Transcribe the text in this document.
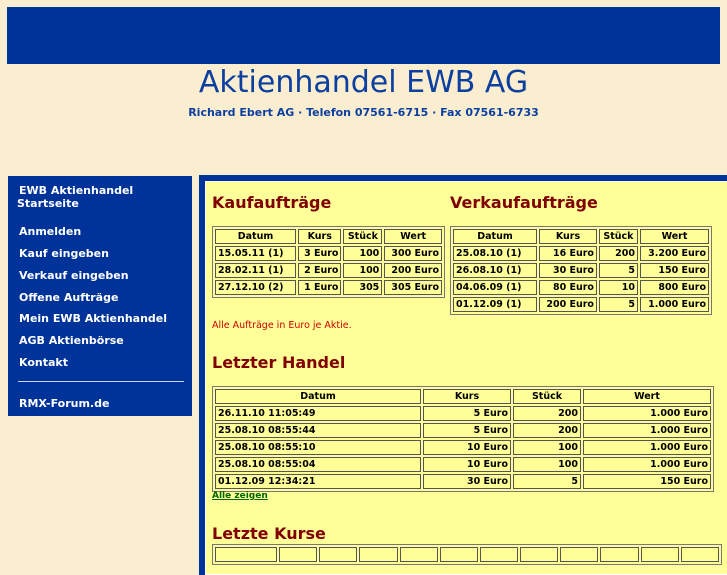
Aktienhandel EWB AG
Richard Ebert AG · Telefon 07561-6715 · Fax 07561-6733
EWB Aktienhandel
Startseite
Anmelden
Kauf eingeben
Verkauf eingeben
Offene Aufträge
Mein EWB Aktienhandel
AGB Aktienbörse
Kontakt
RMX-Forum.de
Kaufaufträge	Verkaufaufträge
Datum	Kurs	Stück	Wert
15.05.11 (1)	3 Euro	100	300 Euro
28.02.11 (1)	2 Euro	100	200 Euro
27.12.10 (2)	1 Euro	305	305 Euro
Datum	Kurs	Stück	Wert
25.08.10 (1)	16 Euro	200	3.200 Euro
26.08.10 (1)	30 Euro	5	150 Euro
04.06.09 (1)	80 Euro	10	800 Euro
01.12.09 (1)	200 Euro	5	1.000 Euro
Alle Aufträge in Euro je Aktie.
Letzter Handel
Datum	Kurs	Stück	Wert
26.11.10 11:05:49	5 Euro	200	1.000 Euro
25.08.10 08:55:44	5 Euro	200	1.000 Euro
25.08.10 08:55:10	10 Euro	100	1.000 Euro
25.08.10 08:55:04	10 Euro	100	1.000 Euro
01.12.09 12:34:21	30 Euro	5	150 Euro
Alle zeigen
Letzte Kurse
